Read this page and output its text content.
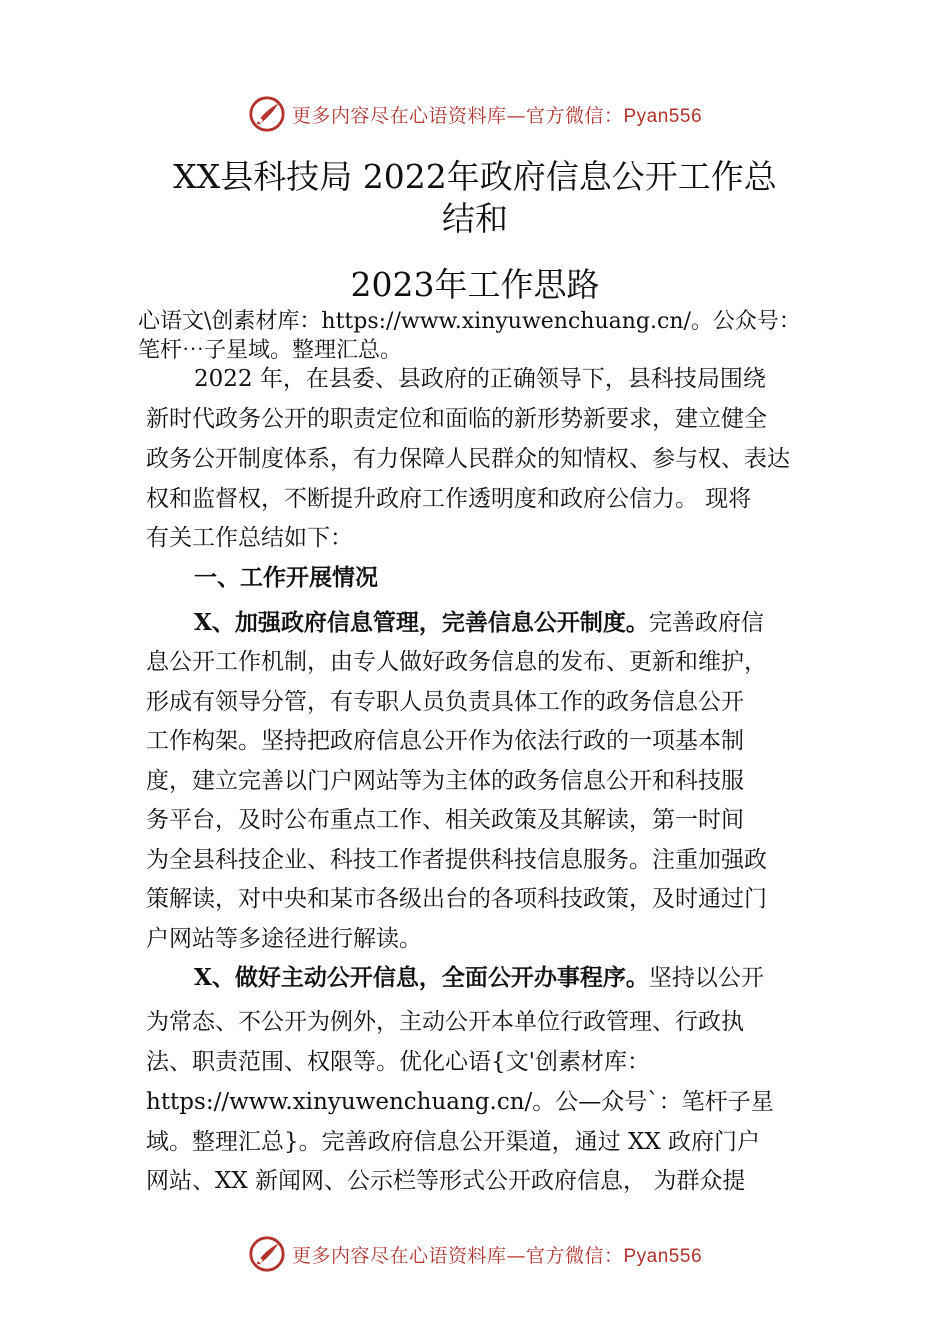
更多内容尽在心语资料库—官方微信：Pyan556
XX县科技局 2022年政府信息公开工作总
结和
2023年工作思路
心语文\创素材库：https://www.xinyuwenchuang.cn/。公众号：
笔杆⋯子星域。整理汇总。
2022 年，在县委、县政府的正确领导下，县科技局围绕
新时代政务公开的职责定位和面临的新形势新要求，建立健全
政务公开制度体系，有力保障人民群众的知情权、参与权、表达
权和监督权，不断提升政府工作透明度和政府公信力。 现将
有关工作总结如下：
一、工作开展情况
X、加强政府信息管理，完善信息公开制度。完善政府信
息公开工作机制，由专人做好政务信息的发布、更新和维护，
形成有领导分管，有专职人员负责具体工作的政务信息公开
工作构架。坚持把政府信息公开作为依法行政的一项基本制
度，建立完善以门户网站等为主体的政务信息公开和科技服
务平台，及时公布重点工作、相关政策及其解读，第一时间
为全县科技企业、科技工作者提供科技信息服务。注重加强政
策解读，对中央和某市各级出台的各项科技政策，及时通过门
户网站等多途径进行解读。
X、做好主动公开信息，全面公开办事程序。坚持以公开
为常态、不公开为例外，主动公开本单位行政管理、行政执
法、职责范围、权限等。优化心语{文'创素材库：
https://www.xinyuwenchuang.cn/。公—众号`：笔杆子星
域。整理汇总}。完善政府信息公开渠道，通过 XX 政府门户
网站、XX 新闻网、公示栏等形式公开政府信息， 为群众提
更多内容尽在心语资料库—官方微信：Pyan556
